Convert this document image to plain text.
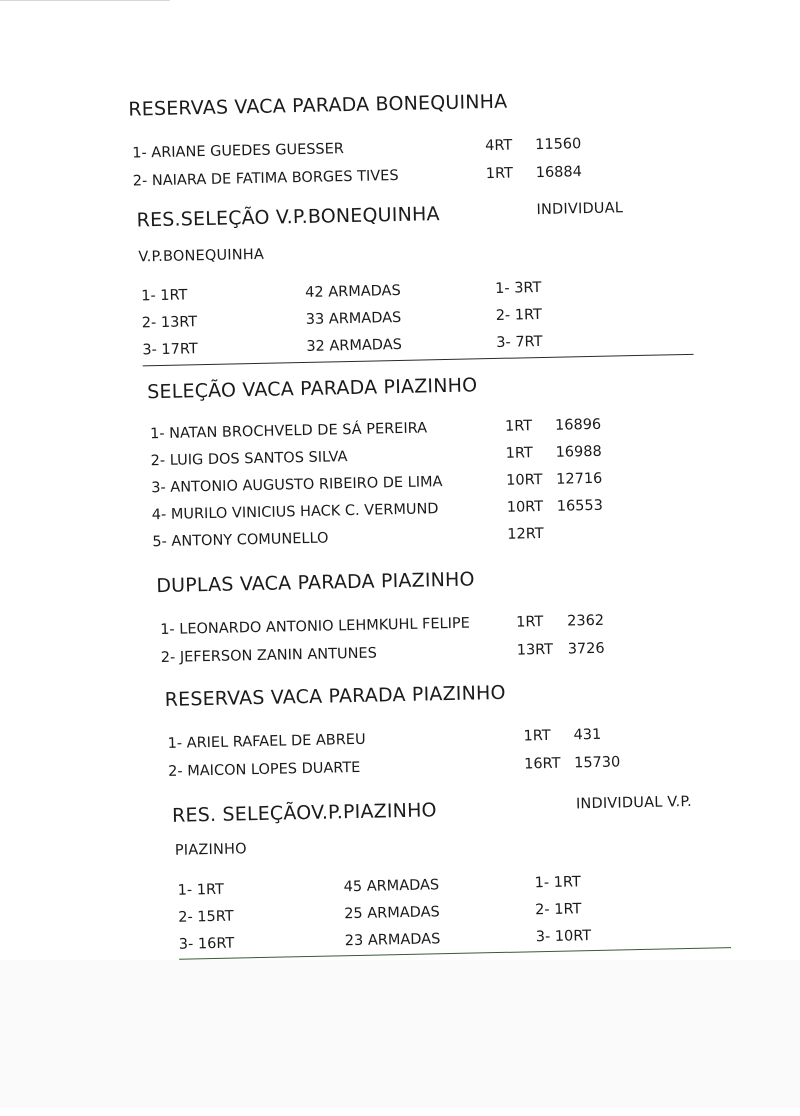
RESERVAS VACA PARADA BONEQUINHA
1- ARIANE GUEDES GUESSER	4RT 11560
2- NAIARA DE FATIMA BORGES TIVES	1RT 16884
RES.SELEÇÃO V.P.BONEQUINHA	INDIVIDUAL
V.P.BONEQUINHA
1- 1RT	42 ARMADAS	1- 3RT
2- 13RT	33 ARMADAS	2- 1RT
3- 17RT	32 ARMADAS	3- 7RT
SELEÇÃO VACA PARADA PIAZINHO
1- NATAN BROCHVELD DE SÁ PEREIRA	1RT 16896
2- LUIG DOS SANTOS SILVA	1RT 16988
3- ANTONIO AUGUSTO RIBEIRO DE LIMA	10RT 12716
4- MURILO VINICIUS HACK C. VERMUND	10RT 16553
5- ANTONY COMUNELLO	12RT
DUPLAS VACA PARADA PIAZINHO
1- LEONARDO ANTONIO LEHMKUHL FELIPE	1RT 2362
2- JEFERSON ZANIN ANTUNES	13RT 3726
RESERVAS VACA PARADA PIAZINHO
1- ARIEL RAFAEL DE ABREU	1RT 431
2- MAICON LOPES DUARTE	16RT 15730
RES. SELEÇÃOV.P.PIAZINHO	INDIVIDUAL V.P.
PIAZINHO
1- 1RT	45 ARMADAS	1- 1RT
2- 15RT	25 ARMADAS	2- 1RT
3- 16RT	23 ARMADAS	3- 10RT
